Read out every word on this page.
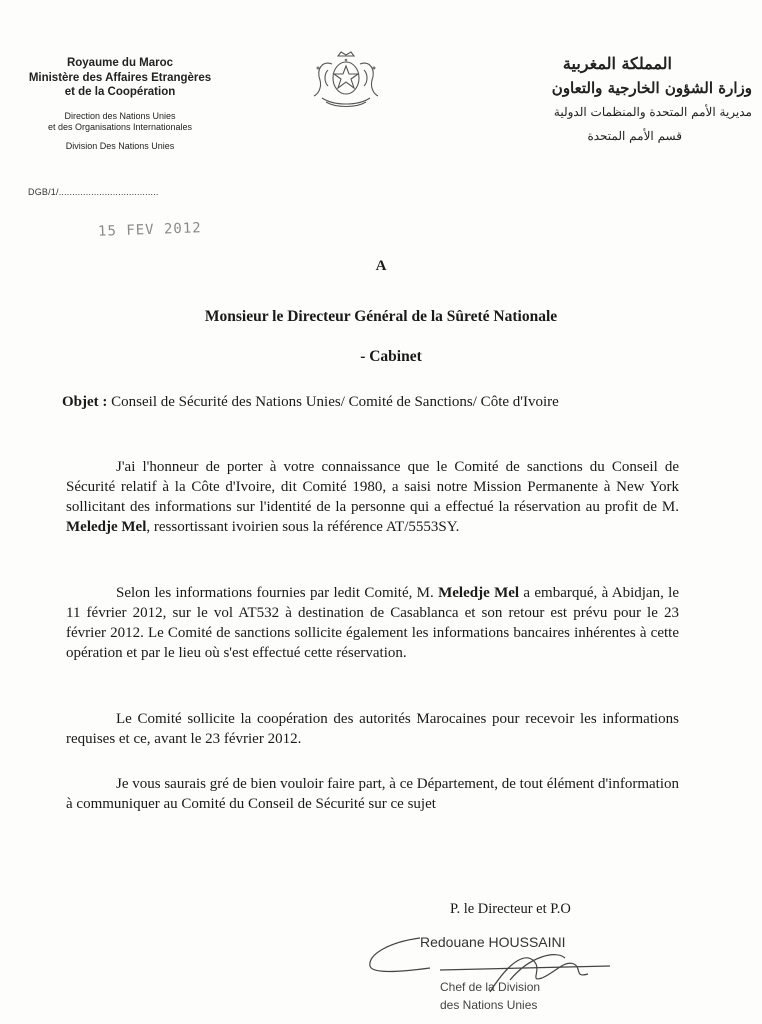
Royaume du Maroc
Ministère des Affaires Etrangères
et de la Coopération
Direction des Nations Unies
et des Organisations Internationales
Division Des Nations Unies
DGB/1/.....................................
15 FEV 2012
المملكة المغربية
وزارة الشؤون الخارجية والتعاون
مديرية الأمم المتحدة والمنظمات الدولية
قسم الأمم المتحدة
A
Monsieur le Directeur Général de la Sûreté Nationale
- Cabinet
Objet : Conseil de Sécurité des Nations Unies/ Comité de Sanctions/ Côte d'Ivoire
J'ai l'honneur de porter à votre connaissance que le Comité de sanctions du Conseil de Sécurité relatif à la Côte d'Ivoire, dit Comité 1980, a saisi notre Mission Permanente à New York sollicitant des informations sur l'identité de la personne qui a effectué la réservation au profit de M. Meledje Mel, ressortissant ivoirien sous la référence AT/5553SY.
Selon les informations fournies par ledit Comité, M. Meledje Mel a embarqué, à Abidjan, le 11 février 2012, sur le vol AT532 à destination de Casablanca et son retour est prévu pour le 23 février 2012. Le Comité de sanctions sollicite également les informations bancaires inhérentes à cette opération et par le lieu où s'est effectué cette réservation.
Le Comité sollicite la coopération des autorités Marocaines pour recevoir les informations requises et ce, avant le 23 février 2012.
Je vous saurais gré de bien vouloir faire part, à ce Département, de tout élément d'information à communiquer au Comité du Conseil de Sécurité sur ce sujet
P. le Directeur et P.O
Redouane HOUSSAINI
Chef de la Division
des Nations Unies
